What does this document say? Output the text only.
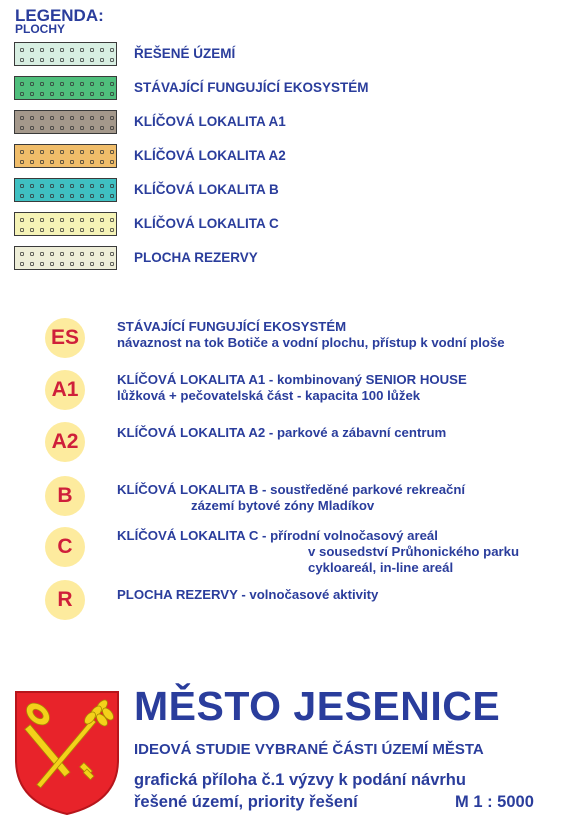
LEGENDA:
PLOCHY
ŘEŠENÉ ÚZEMÍ
STÁVAJÍCÍ FUNGUJÍCÍ EKOSYSTÉM
KLÍČOVÁ LOKALITA A1
KLÍČOVÁ LOKALITA A2
KLÍČOVÁ LOKALITA B
KLÍČOVÁ LOKALITA C
PLOCHA REZERVY
ES	STÁVAJÍCÍ FUNGUJÍCÍ EKOSYSTÉM
návaznost na tok Botiče a vodní plochu, přístup k vodní ploše
A1	KLÍČOVÁ LOKALITA A1 - kombinovaný SENIOR HOUSE
lůžková + pečovatelská část - kapacita 100 lůžek
A2	KLÍČOVÁ LOKALITA A2 - parkové a zábavní centrum
B	KLÍČOVÁ LOKALITA B - soustředěné parkové rekreační
zázemí bytové zóny Mladíkov
C	KLÍČOVÁ LOKALITA C - přírodní volnočasový areál
v sousedství Průhonického parku
cykloareál, in-line areál
R	PLOCHA REZERVY - volnočasové aktivity
MĚSTO JESENICE
IDEOVÁ STUDIE VYBRANÉ ČÁSTI ÚZEMÍ MĚSTA
grafická příloha č.1 výzvy k podání návrhu
řešené území, priority řešení	M 1 : 5000
